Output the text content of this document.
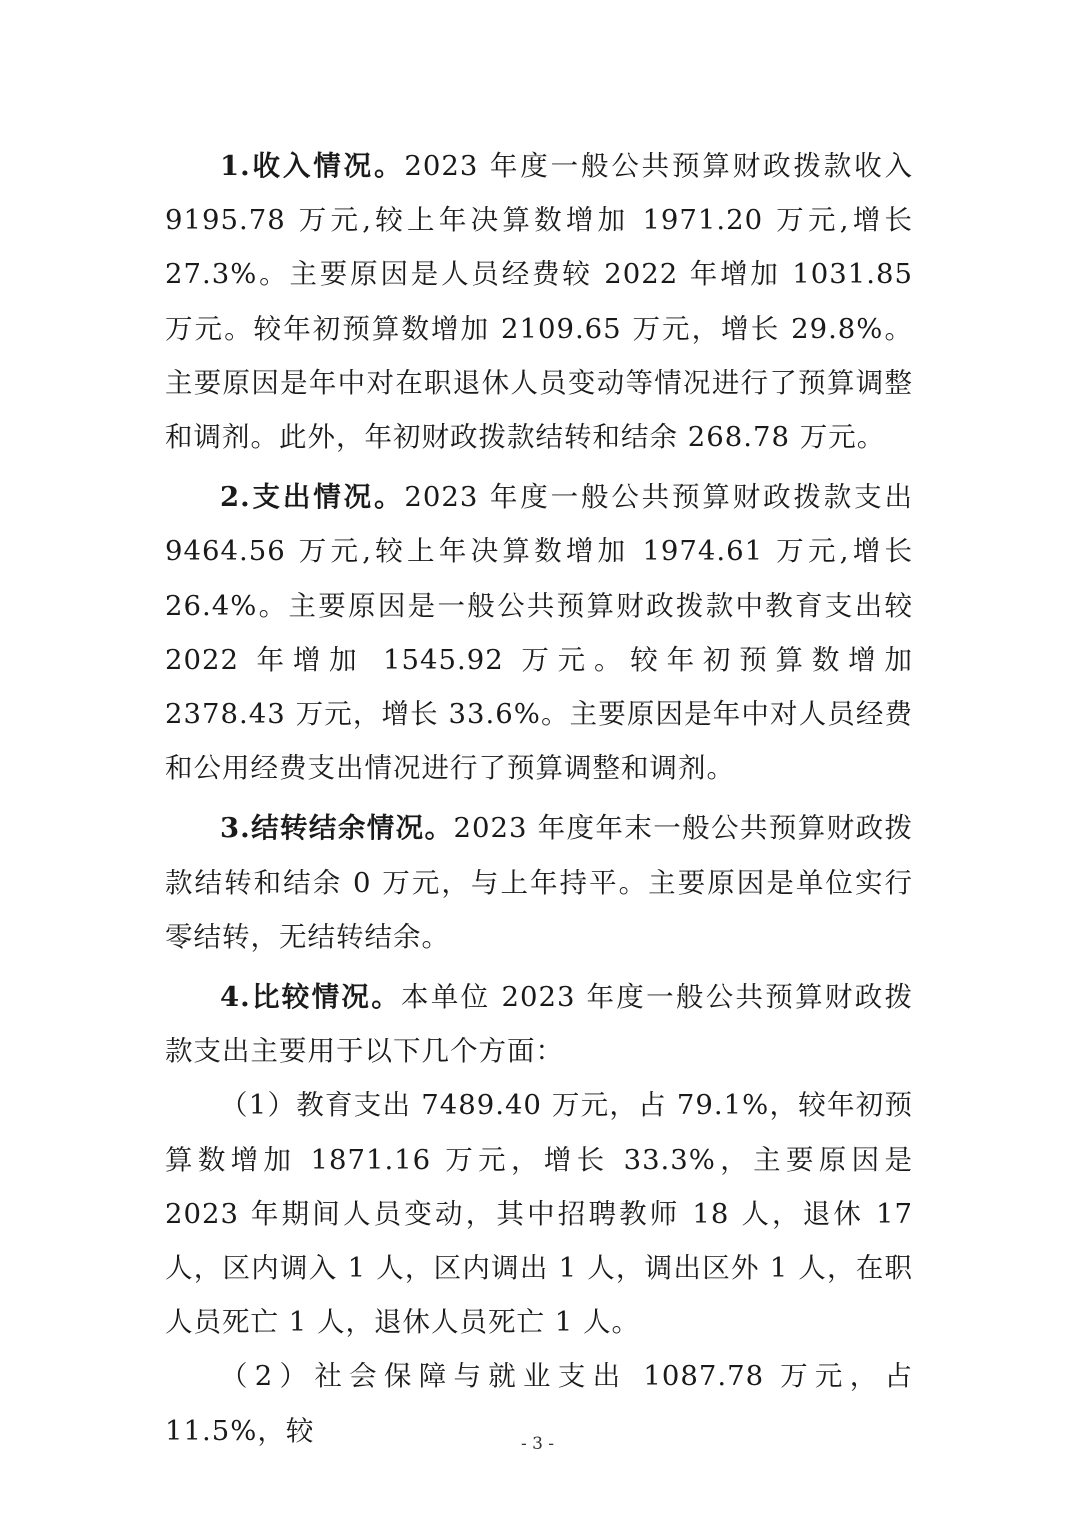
1.收入情况。2023 年度一般公共预算财政拨款收入 9195.78 万元,较上年决算数增加 1971.20 万元,增长 27.3%。主要原因是人员经费较 2022 年增加 1031.85 万元。较年初预算数增加 2109.65 万元，增长 29.8%。主要原因是年中对在职退休人员变动等情况进行了预算调整和调剂。此外，年初财政拨款结转和结余 268.78 万元。

2.支出情况。2023 年度一般公共预算财政拨款支出 9464.56 万元,较上年决算数增加 1974.61 万元,增长 26.4%。主要原因是一般公共预算财政拨款中教育支出较 2022 年增加 1545.92 万元。较年初预算数增加 2378.43 万元，增长 33.6%。主要原因是年中对人员经费和公用经费支出情况进行了预算调整和调剂。

3.结转结余情况。2023 年度年末一般公共预算财政拨款结转和结余 0 万元，与上年持平。主要原因是单位实行零结转，无结转结余。

4.比较情况。本单位 2023 年度一般公共预算财政拨款支出主要用于以下几个方面：

（1）教育支出 7489.40 万元，占 79.1%，较年初预算数增加 1871.16 万元，增长 33.3%，主要原因是 2023 年期间人员变动，其中招聘教师 18 人，退休 17 人，区内调入 1 人，区内调出 1 人，调出区外 1 人，在职人员死亡 1 人，退休人员死亡 1 人。

（2）社会保障与就业支出 1087.78 万元，占 11.5%，较	- 3 -
